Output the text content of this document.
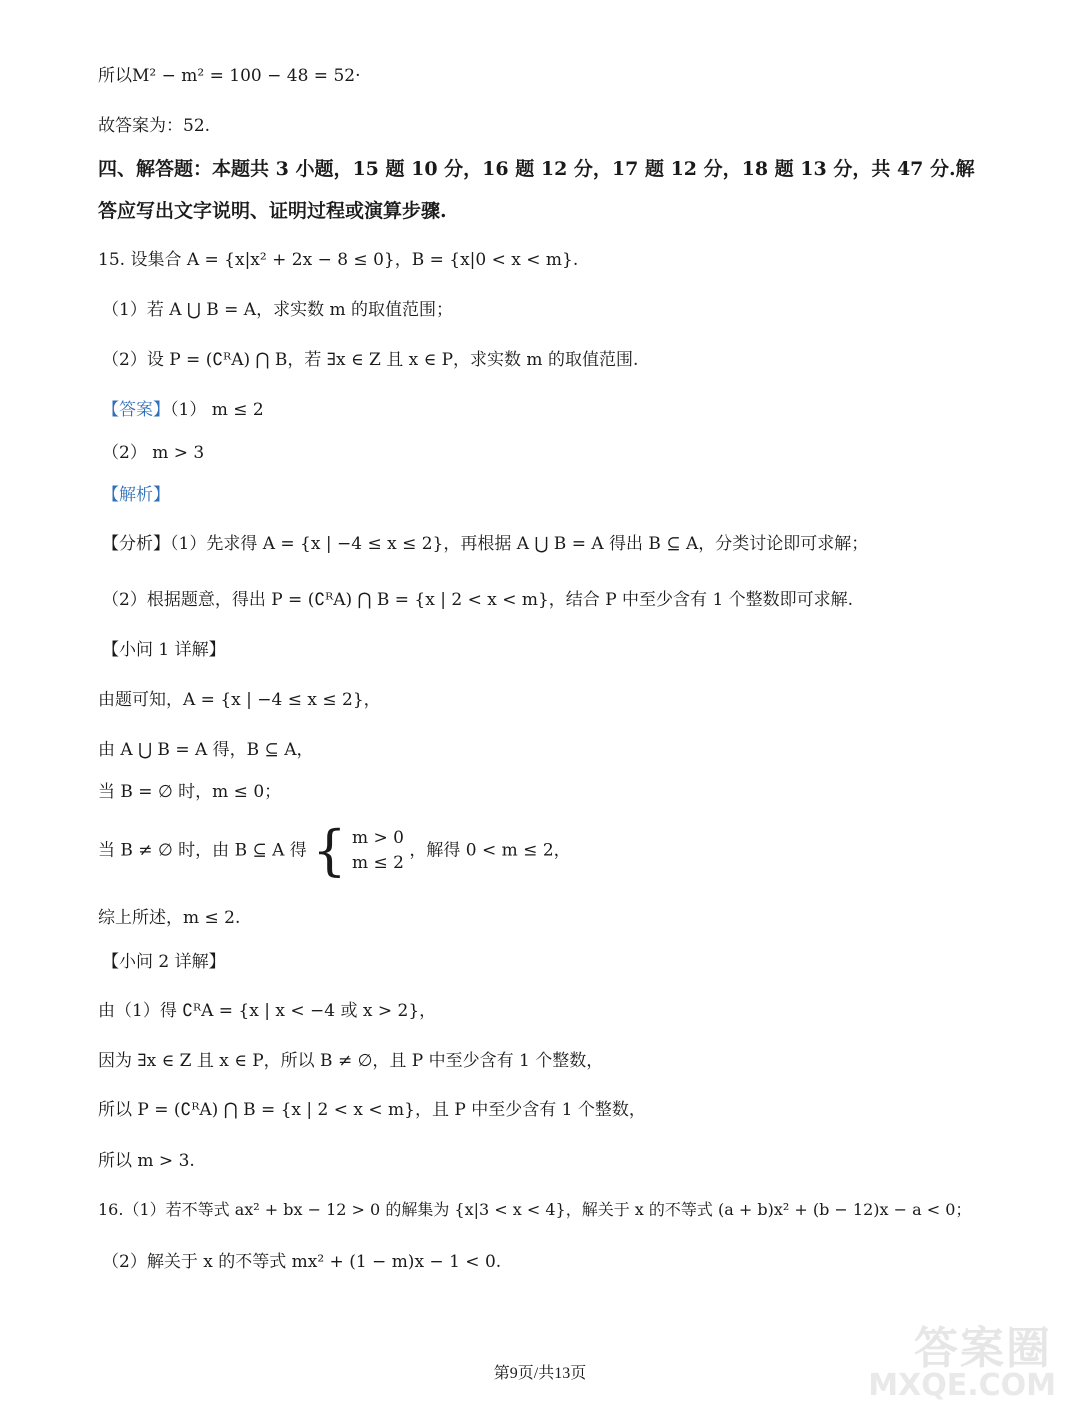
所以M² − m² = 100 − 48 = 52·
故答案为：52.
四、解答题：本题共 3 小题，15 题 10 分，16 题 12 分，17 题 12 分，18 题 13 分，共 47 分.解
答应写出文字说明、证明过程或演算步骤.
15. 设集合 A = {x|x² + 2x − 8 ≤ 0}，B = {x|0 < x < m}.
（1）若 A ⋃ B = A，求实数 m 的取值范围；
（2）设 P = (∁ᴿA) ⋂ B，若 ∃x ∈ Z 且 x ∈ P，求实数 m 的取值范围.
【答案】（1） m ≤ 2
（2） m > 3
【解析】
【分析】（1）先求得 A = {x | −4 ≤ x ≤ 2}，再根据 A ⋃ B = A 得出 B ⊆ A，分类讨论即可求解；
（2）根据题意，得出 P = (∁ᴿA) ⋂ B = {x | 2 < x < m}，结合 P 中至少含有 1 个整数即可求解.
【小问 1 详解】
由题可知，A = {x | −4 ≤ x ≤ 2}，
由 A ⋃ B = A 得，B ⊆ A，
当 B = ∅ 时，m ≤ 0；
当 B ≠ ∅ 时，由 B ⊆ A 得 { m > 0
m ≤ 2 ，解得 0 < m ≤ 2，
综上所述，m ≤ 2.
【小问 2 详解】
由（1）得 ∁ᴿA = {x | x < −4 或 x > 2}，
因为 ∃x ∈ Z 且 x ∈ P，所以 B ≠ ∅，且 P 中至少含有 1 个整数，
所以 P = (∁ᴿA) ⋂ B = {x | 2 < x < m}，且 P 中至少含有 1 个整数，
所以 m > 3.
16.（1）若不等式 ax² + bx − 12 > 0 的解集为 {x|3 < x < 4}，解关于 x 的不等式 (a + b)x² + (b − 12)x − a < 0；
（2）解关于 x 的不等式 mx² + (1 − m)x − 1 < 0.
答案圈
MXQE.COM
第9页/共13页
